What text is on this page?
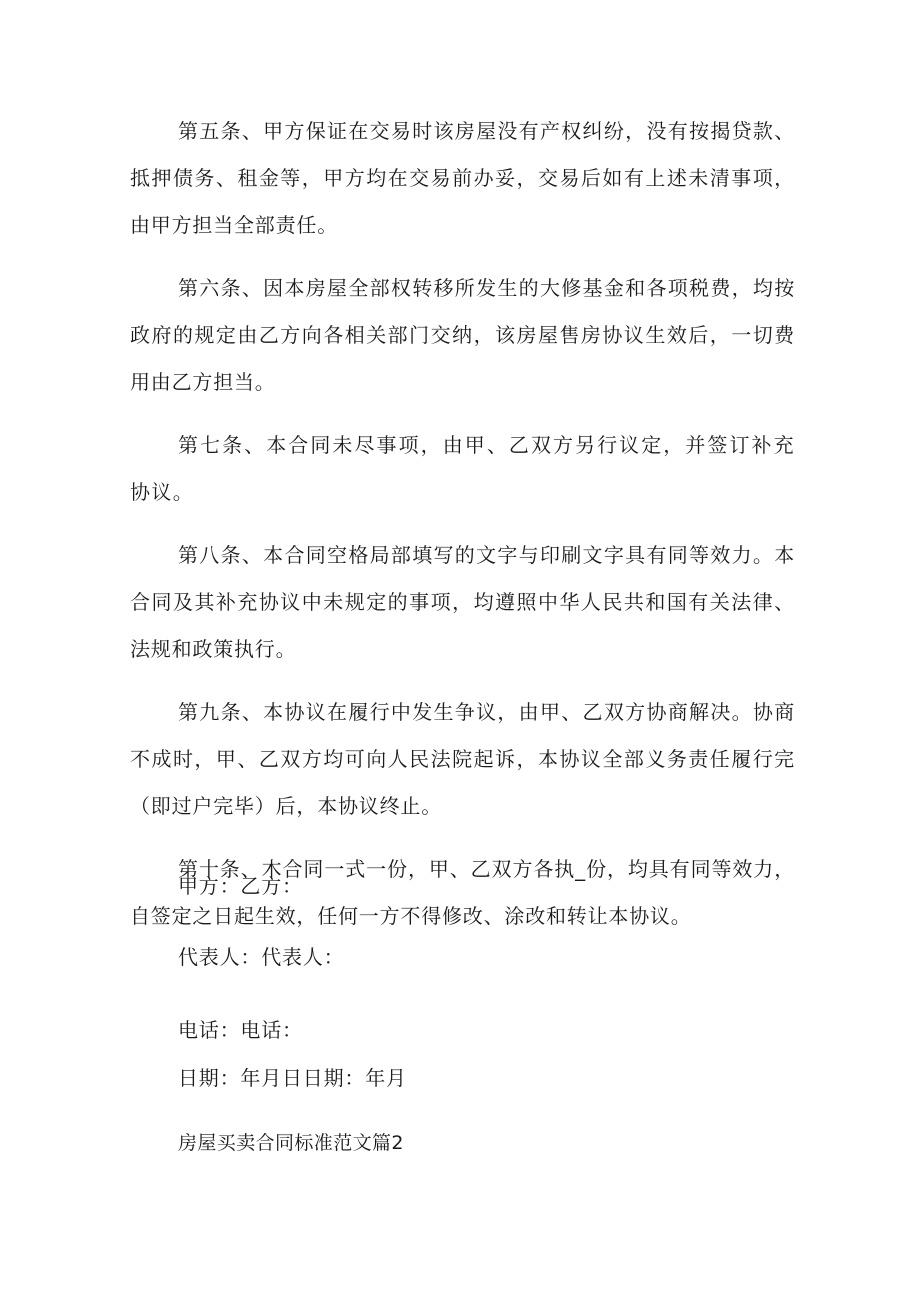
第五条、甲方保证在交易时该房屋没有产权纠纷，没有按揭贷款、抵押债务、租金等，甲方均在交易前办妥，交易后如有上述未清事项，由甲方担当全部责任。

第六条、因本房屋全部权转移所发生的大修基金和各项税费，均按政府的规定由乙方向各相关部门交纳，该房屋售房协议生效后，一切费用由乙方担当。

第七条、本合同未尽事项，由甲、乙双方另行议定，并签订补充协议。

第八条、本合同空格局部填写的文字与印刷文字具有同等效力。本合同及其补充协议中未规定的事项，均遵照中华人民共和国有关法律、法规和政策执行。

第九条、本协议在履行中发生争议，由甲、乙双方协商解决。协商不成时，甲、乙双方均可向人民法院起诉，本协议全部义务责任履行完（即过户完毕）后，本协议终止。

第十条、木合同一式一份，甲、乙双方各执_份，均具有同等效力，自签定之日起生效，任何一方不得修改、涂改和转让本协议。

甲方：乙方：
代表人：代表人：
电话：电话：
日期：年月日日期：年月
房屋买卖合同标准范文篇2
